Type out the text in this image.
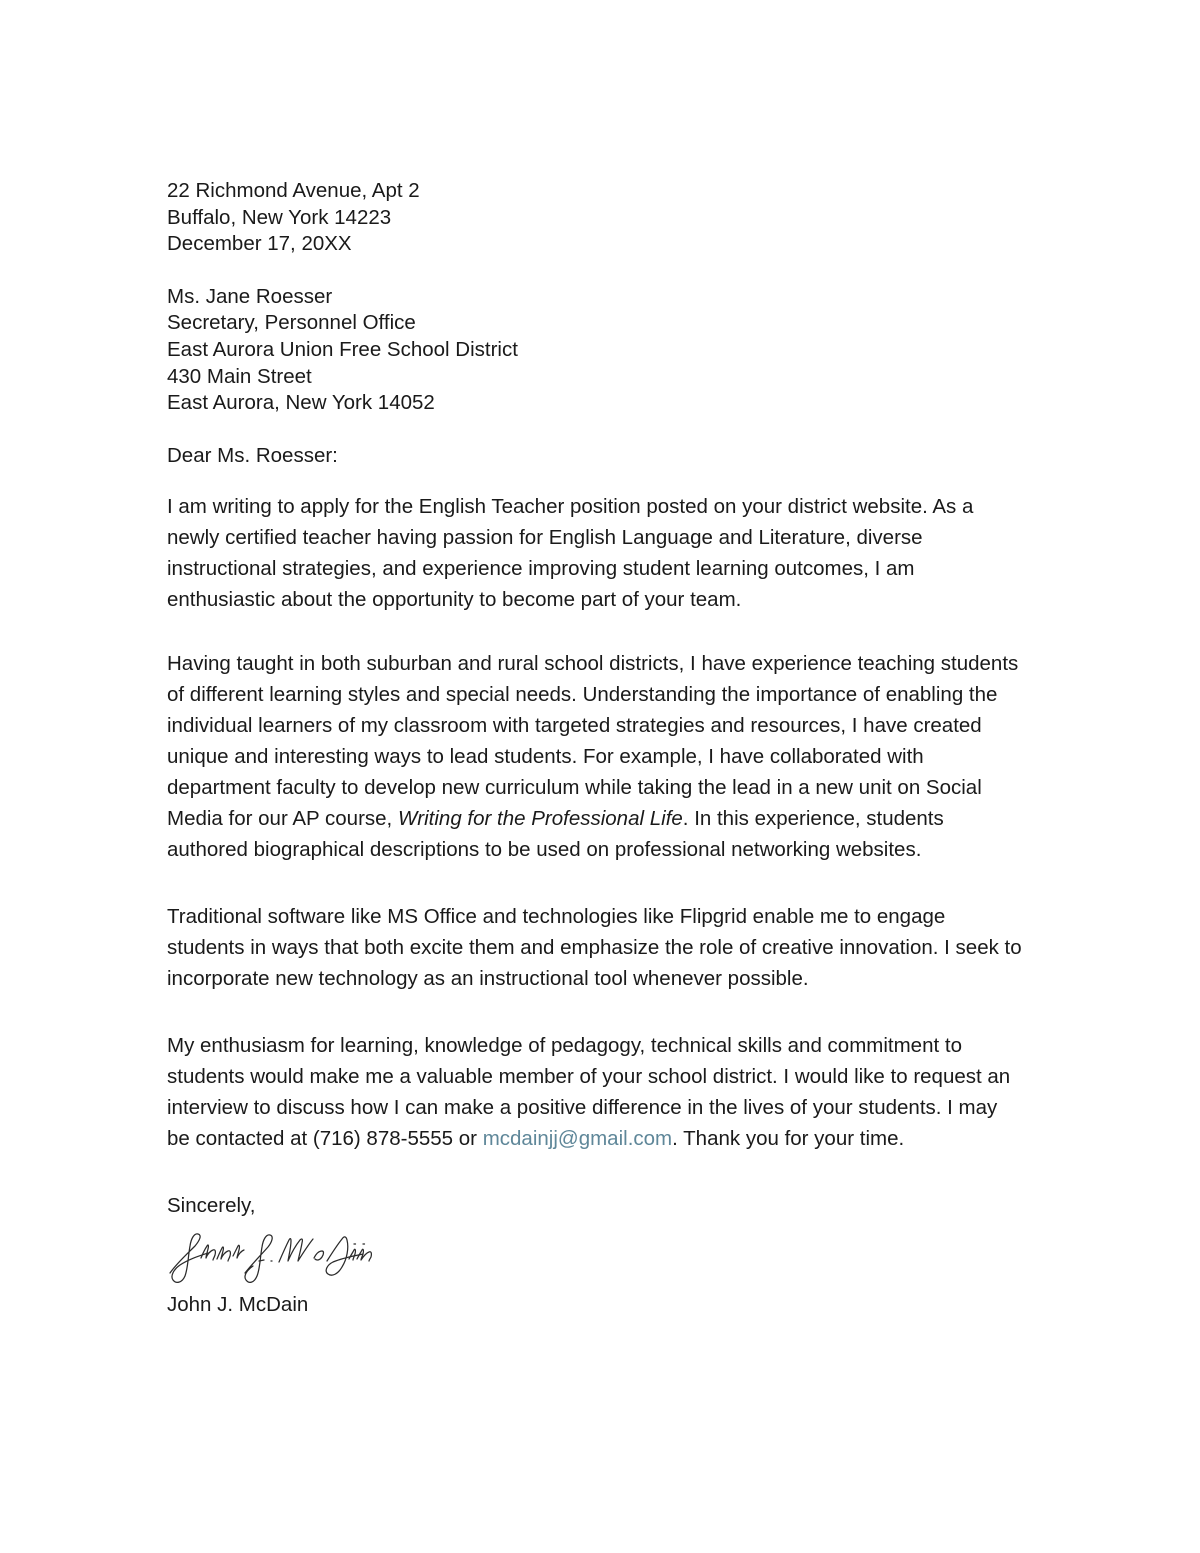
22 Richmond Avenue, Apt 2
Buffalo, New York 14223
December 17, 20XX
Ms. Jane Roesser
Secretary, Personnel Office
East Aurora Union Free School District
430 Main Street
East Aurora, New York 14052

Dear Ms. Roesser:

I am writing to apply for the English Teacher position posted on your district website. As a newly certified teacher having passion for English Language and Literature, diverse instructional strategies, and experience improving student learning outcomes, I am enthusiastic about the opportunity to become part of your team.

Having taught in both suburban and rural school districts, I have experience teaching students of different learning styles and special needs. Understanding the importance of enabling the individual learners of my classroom with targeted strategies and resources, I have created unique and interesting ways to lead students. For example, I have collaborated with department faculty to develop new curriculum while taking the lead in a new unit on Social Media for our AP course, Writing for the Professional Life. In this experience, students authored biographical descriptions to be used on professional networking websites.

Traditional software like MS Office and technologies like Flipgrid enable me to engage students in ways that both excite them and emphasize the role of creative innovation. I seek to incorporate new technology as an instructional tool whenever possible.

My enthusiasm for learning, knowledge of pedagogy, technical skills and commitment to students would make me a valuable member of your school district. I would like to request an interview to discuss how I can make a positive difference in the lives of your students. I may be contacted at (716) 878-5555 or mcdainjj@gmail.com. Thank you for your time.

Sincerely,

John J. McDain
